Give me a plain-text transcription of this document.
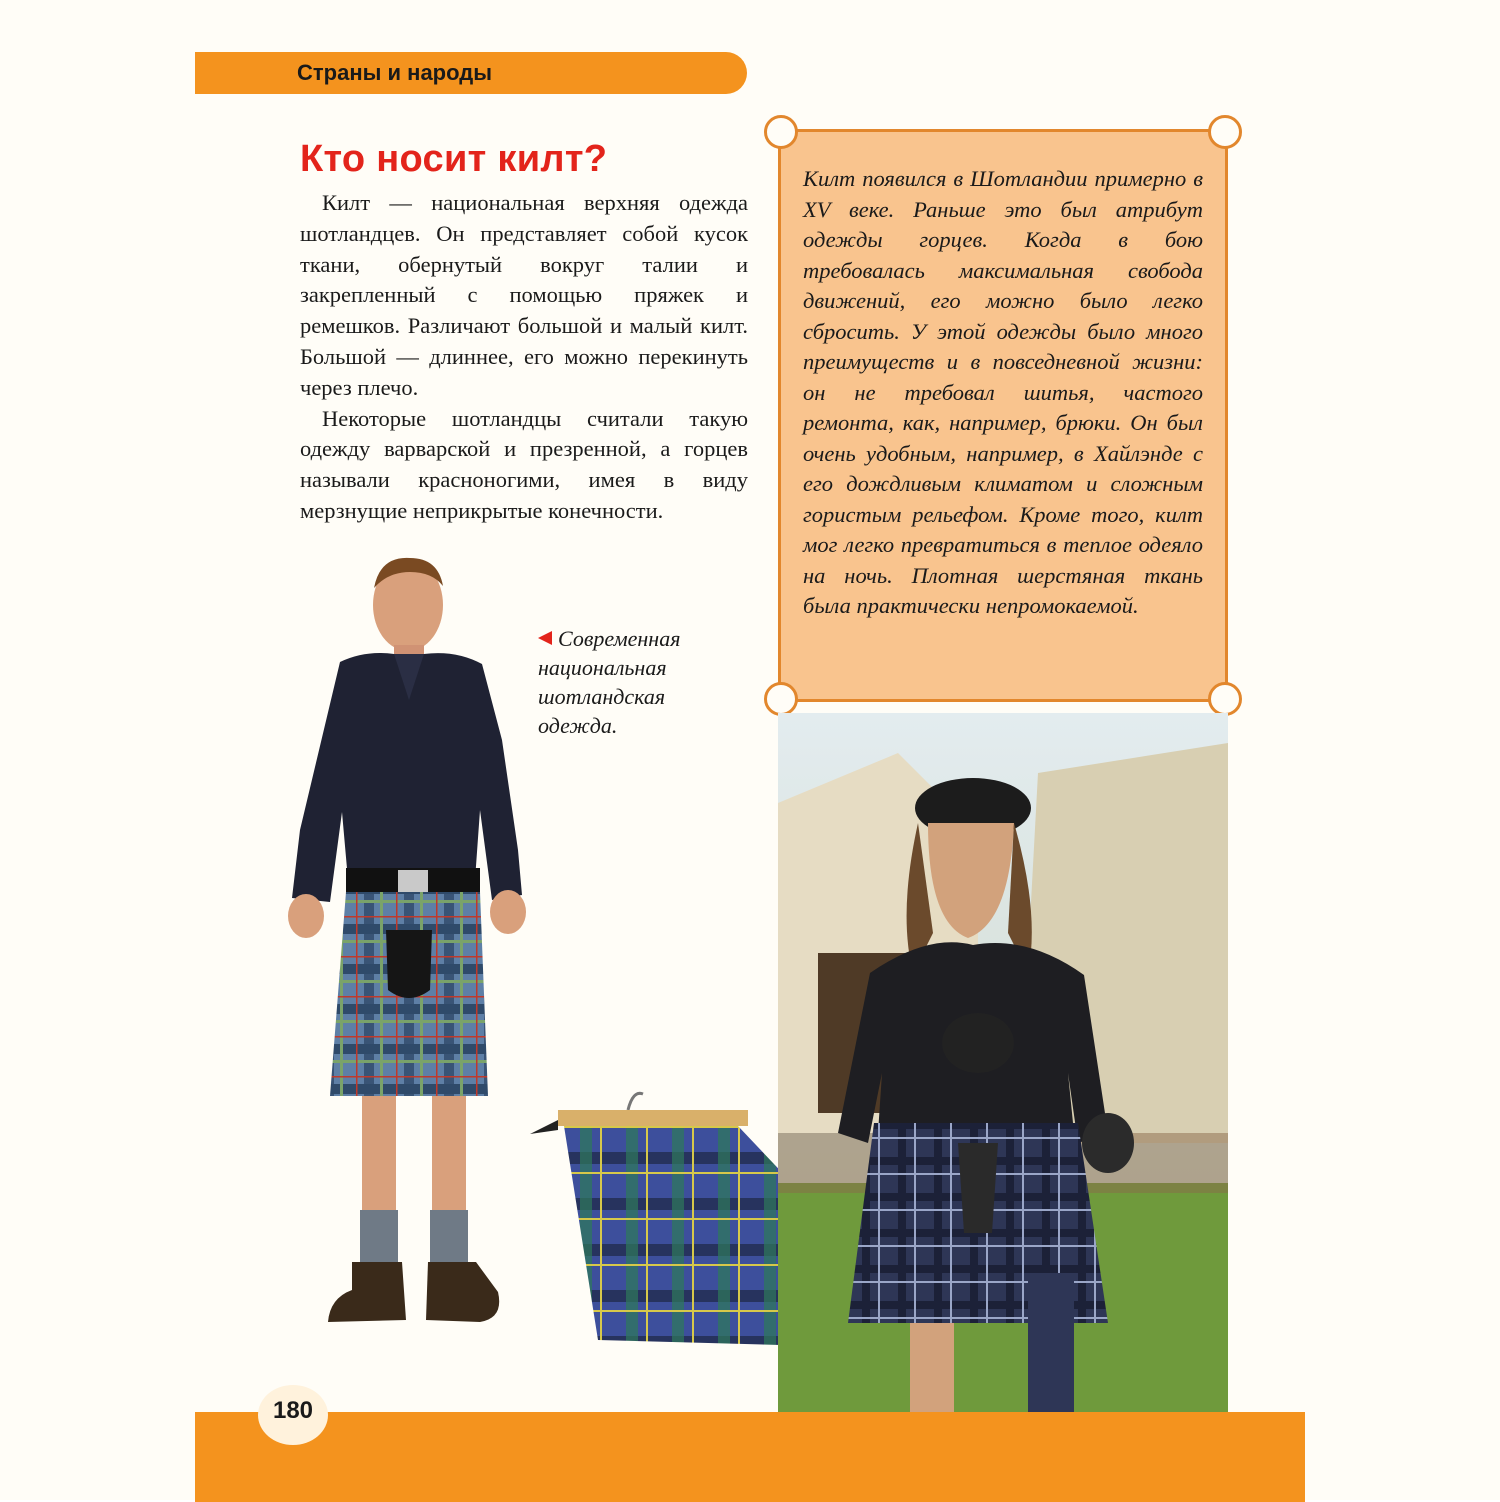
Страны и народы
Кто носит килт?

Килт — национальная верхняя одежда шотландцев. Он представляет собой кусок ткани, обернутый вокруг талии и закрепленный с помощью пряжек и ремешков. Различают большой и малый килт. Большой — длиннее, его можно перекинуть через плечо.

Некоторые шотландцы считали такую одежду варварской и презренной, а горцев называли красноногими, имея в виду мерзнущие неприкрытые конечности.

Килт появился в Шотландии примерно в XV веке. Раньше это был атрибут одежды горцев. Когда в бою требовалась максимальная свобода движений, его можно было легко сбросить. У этой одежды было много преимуществ и в повседневной жизни: он не требовал шитья, частого ремонта, как, например, брюки. Он был очень удобным, например, в Хайлэнде с его дождливым климатом и сложным гористым рельефом. Кроме того, килт мог легко превратиться в теплое одеяло на ночь. Плотная шерстяная ткань была практически непромокаемой.

Современная национальная шотландская одежда.

180
